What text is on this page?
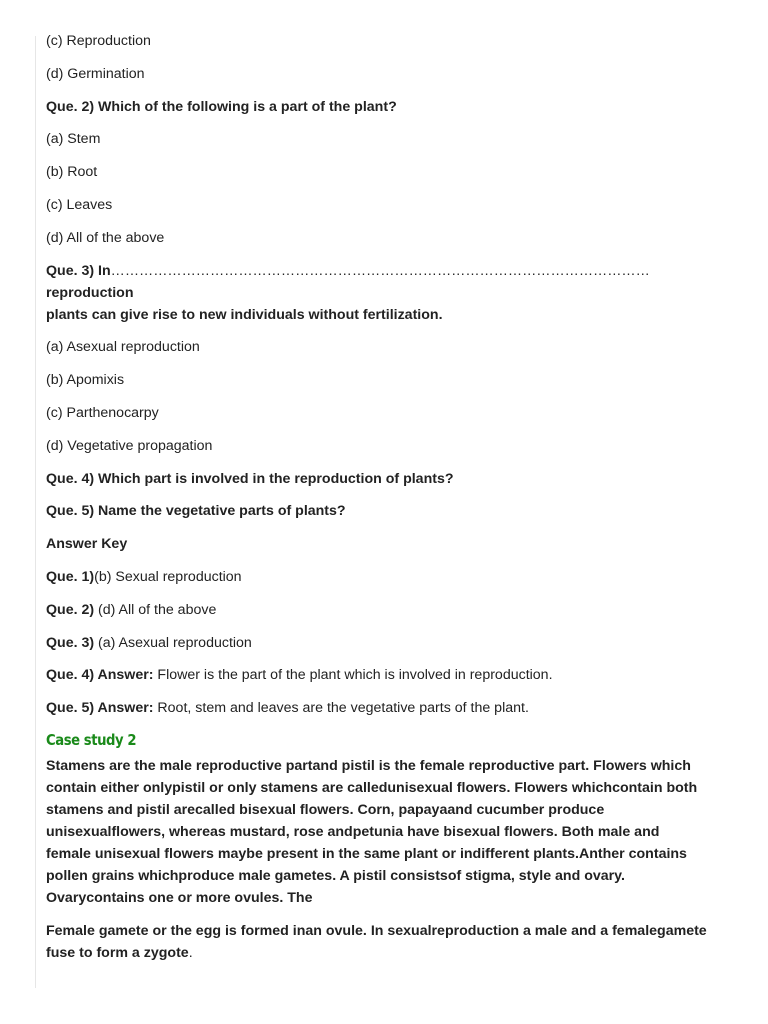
(c) Reproduction

(d) Germination

Que. 2) Which of the following is a part of the plant?

(a) Stem

(b) Root

(c) Leaves

(d) All of the above

Que. 3) In……………………………………………………………………………………………………reproduction

plants can give rise to new individuals without fertilization.

(a) Asexual reproduction

(b) Apomixis

(c) Parthenocarpy

(d) Vegetative propagation

Que. 4) Which part is involved in the reproduction of plants?

Que. 5) Name the vegetative parts of plants?

Answer Key

Que. 1)(b) Sexual reproduction

Que. 2) (d) All of the above

Que. 3) (a) Asexual reproduction

Que. 4) Answer: Flower is the part of the plant which is involved in reproduction.

Que. 5) Answer: Root, stem and leaves are the vegetative parts of the plant.

Case study 2

Stamens are the male reproductive partand pistil is the female reproductive part. Flowers which

contain either onlypistil or only stamens are calledunisexual flowers. Flowers whichcontain both

stamens and pistil arecalled bisexual flowers. Corn, papayaand cucumber produce

unisexualflowers, whereas mustard, rose andpetunia have bisexual flowers. Both male and

female unisexual flowers maybe present in the same plant or indifferent plants.Anther contains

pollen grains whichproduce male gametes. A pistil consistsof stigma, style and ovary.

Ovarycontains one or more ovules. The

Female gamete or the egg is formed inan ovule. In sexualreproduction a male and a femalegamete

fuse to form a zygote.
